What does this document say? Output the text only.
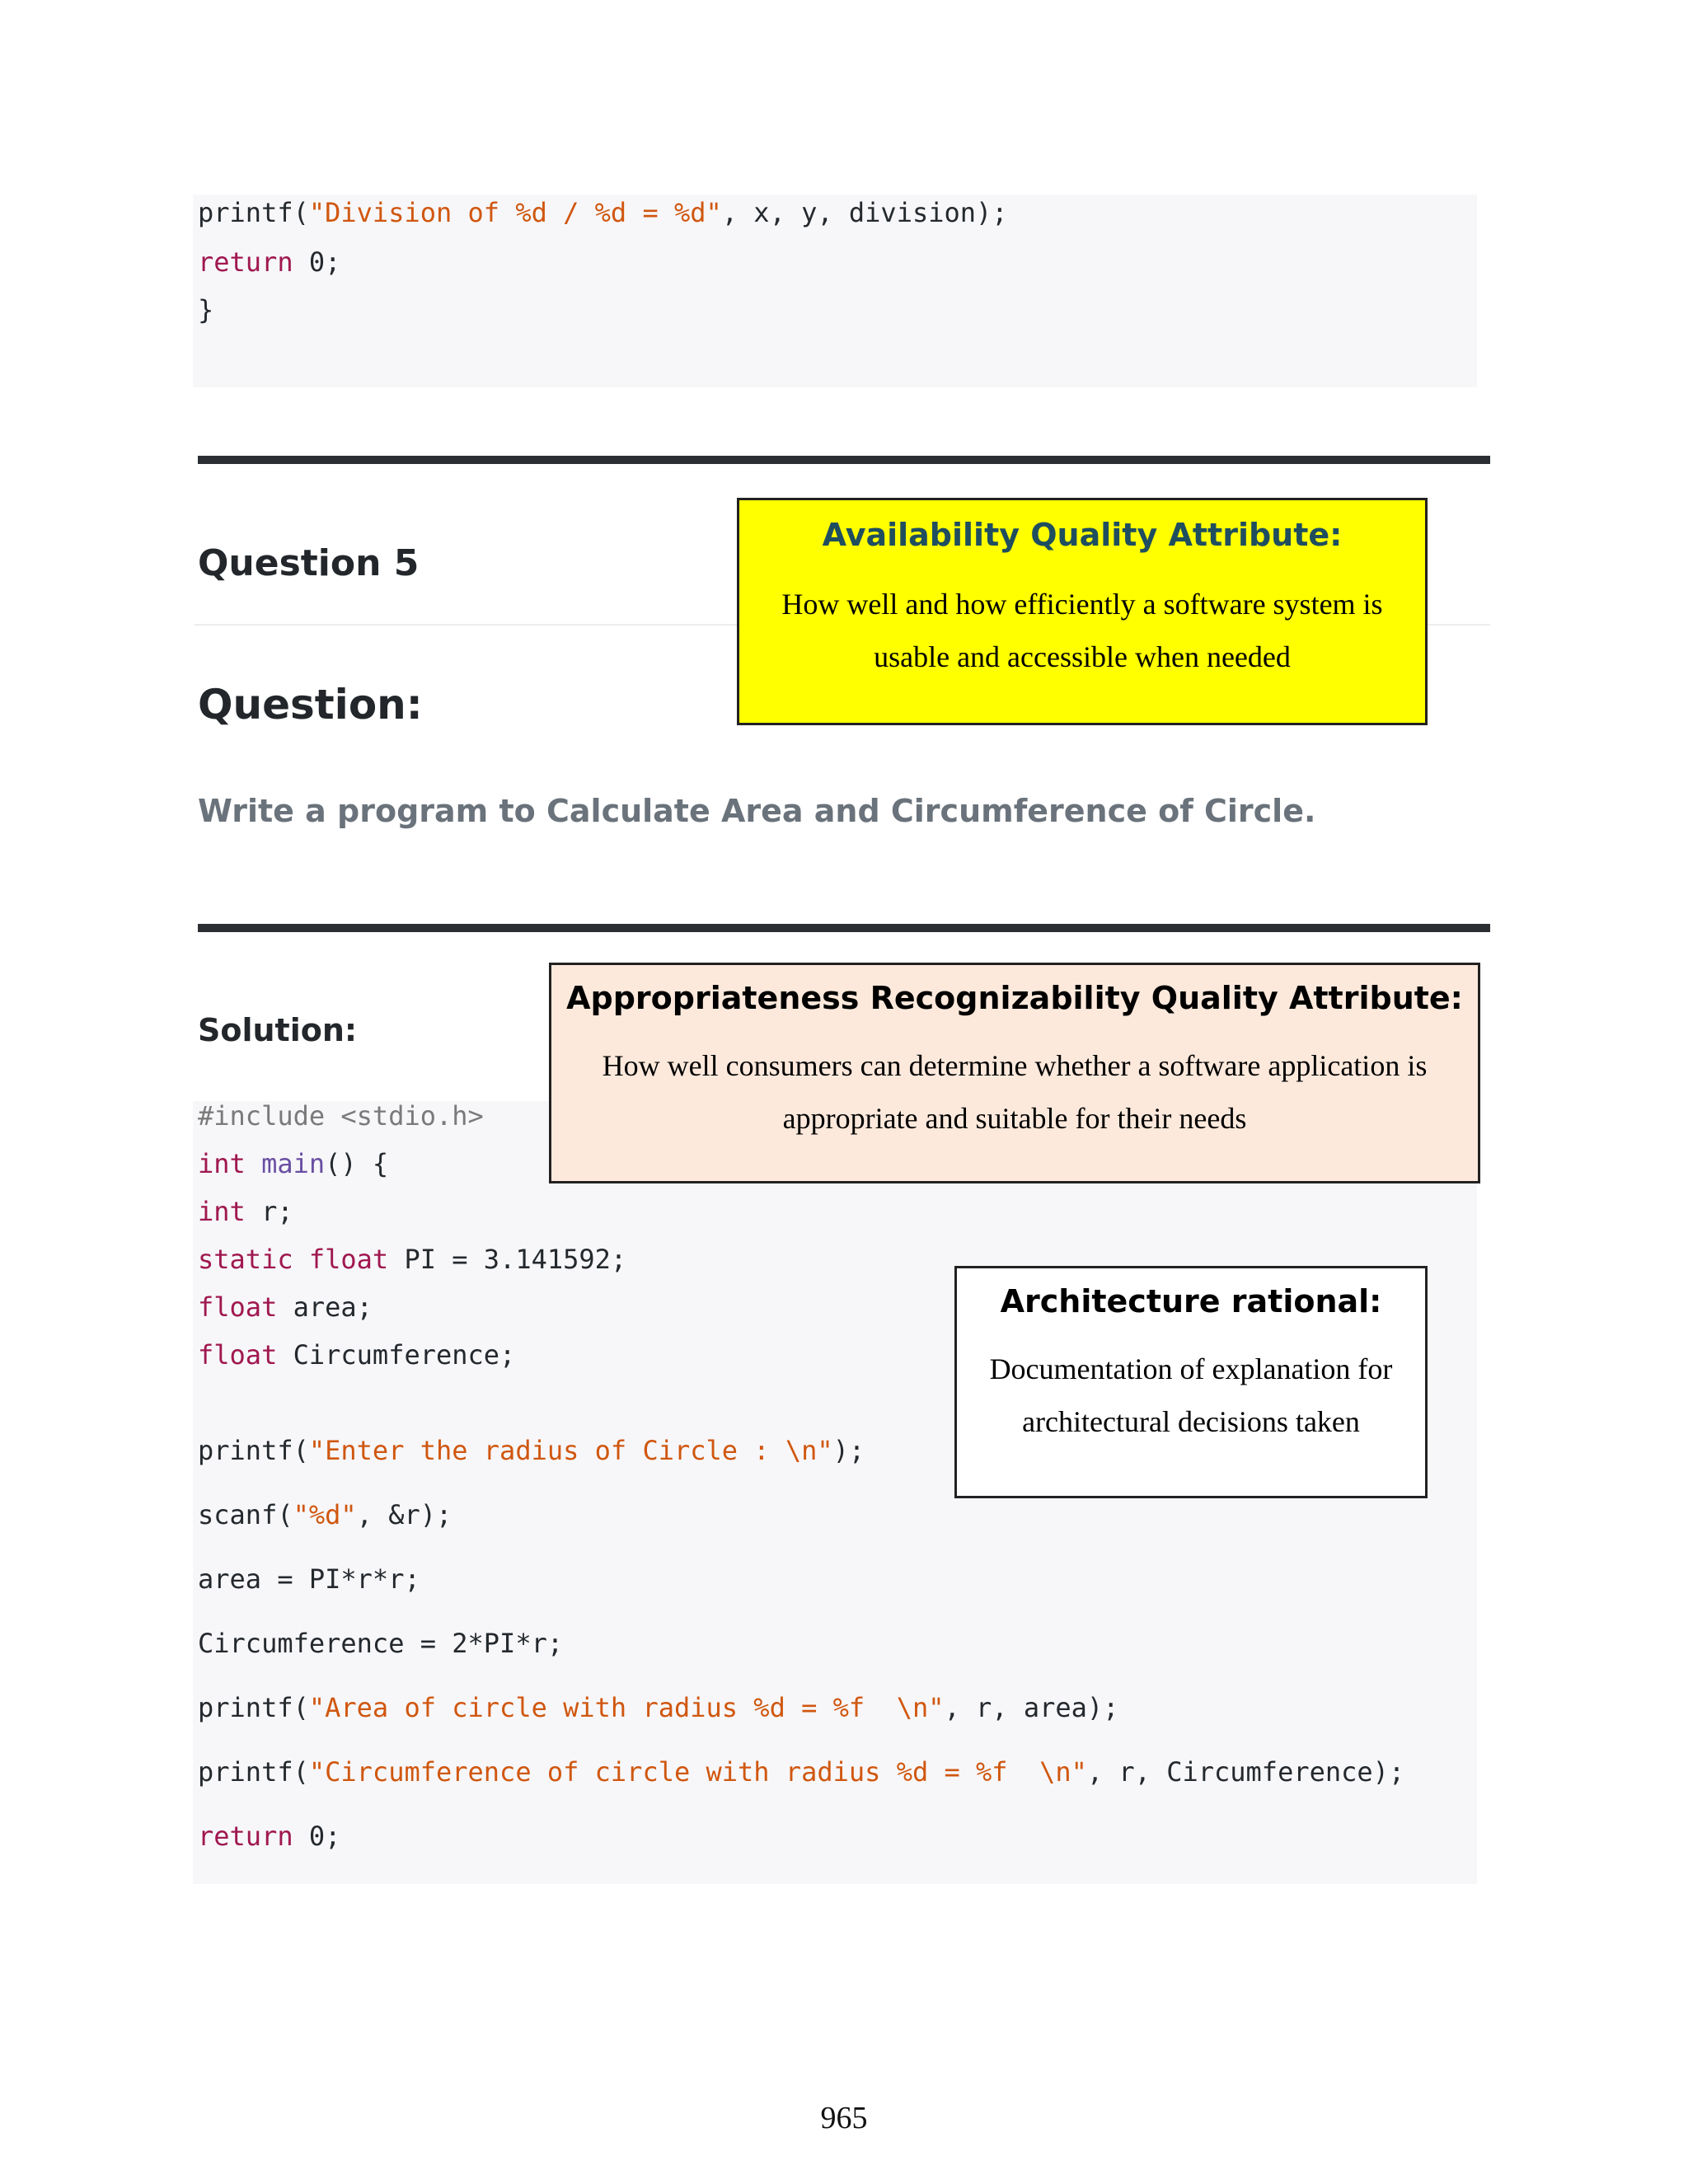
printf("Division of %d / %d = %d", x, y, division);
return 0;
}
Question 5
Question:

Write a program to Calculate Area and Circumference of Circle.

Solution:
#include <stdio.h>
int main() {
int r;
static float PI = 3.141592;
float area;
float Circumference;
printf("Enter the radius of Circle : \n");
scanf("%d", &r);
area = PI*r*r;
Circumference = 2*PI*r;
printf("Area of circle with radius %d = %f  \n", r, area);
printf("Circumference of circle with radius %d = %f  \n", r, Circumference);
return 0;

Availability Quality Attribute:

How well and how efficiently a software system is usable and accessible when needed

Appropriateness Recognizability Quality Attribute:

How well consumers can determine whether a software application is appropriate and suitable for their needs

Architecture rational:

Documentation of explanation for architectural decisions taken

965
